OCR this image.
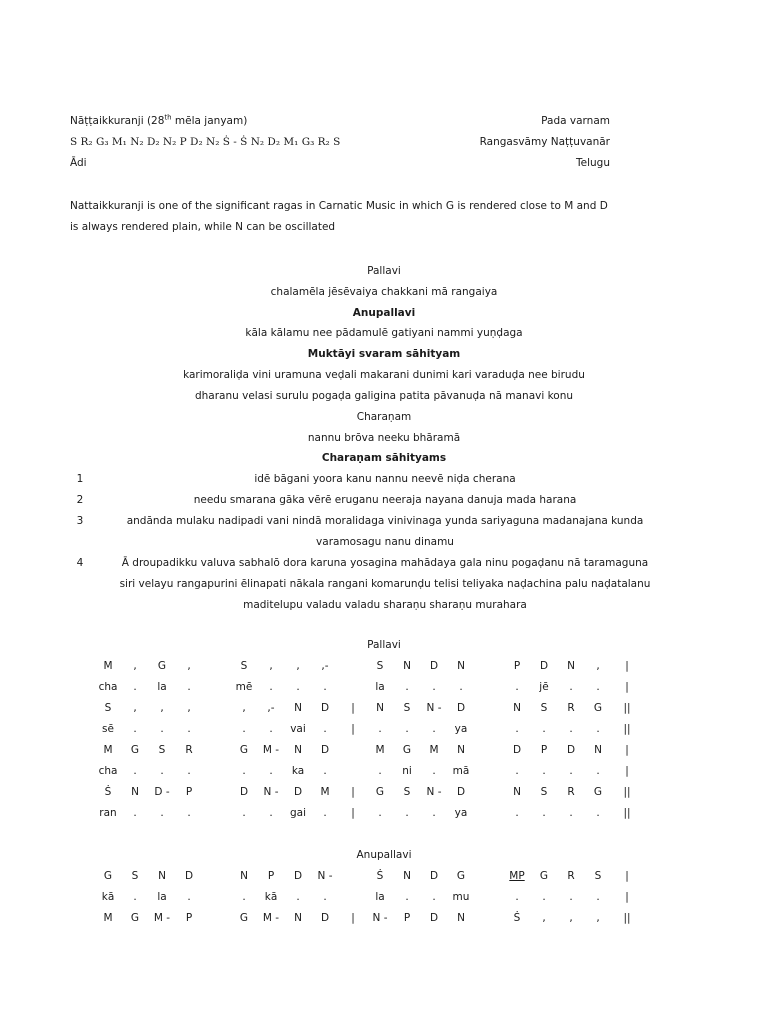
Nāṭṭaikkuranji (28th mēla janyam)
S R₂ G₃ M₁ N₂ D₂ N₂ P D₂ N₂ Ṡ - Ṡ N₂ D₂ M₁ G₃ R₂ S
Ādi
Pada varnam
Rangasvāmy Naṭṭuvanār
Telugu
Nattaikkuranji is one of the significant ragas in Carnatic Music in which G is rendered close to M and D is always rendered plain, while N can be oscillated
Pallavi
chalamēla jēsēvaiya chakkani mā rangaiya
Anupallavi
kāla kālamu nee pādamulē gatiyani nammi yuṇḍaga
Muktāyi svaram sāhityam
karimoraliḍa vini uramuna veḍali makarani dunimi kari varaduḍa nee birudu
dharanu velasi surulu pogaḍa galigina patita pāvanuḍa nā manavi konu
Charaṇam
nannu brōva neeku bhāramā
Charaṇam sāhityams
1	idē bāgani yoora kanu nannu neevē niḍa cherana
2	needu smarana gāka vērē eruganu neeraja nayana danuja mada harana
3	andānda mulaku nadipadi vani nindā moralidaga vinivinaga yunda sariyaguna madanajana kunda
varamosagu nanu dinamu
4	Ā droupadikku valuva sabhalō dora karuna yosagina mahādaya gala ninu pogaḍanu nā taramaguna
siri velayu rangapurini ēlinapati nākala rangani komarunḍu telisi teliyaka naḍachina palu naḍatalanu
maditelupu valadu valadu sharaṇu sharaṇu murahara
Pallavi
M , G ,	S , , ,-	S N D N	P D N , |
cha . la .	mē . . .	la . . .	. jē . . |
S , , ,	, ,- N D | N S N - D	N S R G ||
sē . . .	. . vai . | . . . ya	. . . . ||
M G S R	G M - N D	M G M N	D P D N |
cha . . .	. . ka .	. ni . mā	. . . . |
Ṡ N D - P	D N - D M | G S N - D	N S R G ||
ran . . .	. . gai . | . . . ya	. . . . ||
Anupallavi
G S N D	N P D N -	Ṡ N D G	MP G R S |
kā . la .	. kā . .	la . . mu	. . . . |
M G M - P	G M - N D | N - P D N	Ṡ , , , ||
